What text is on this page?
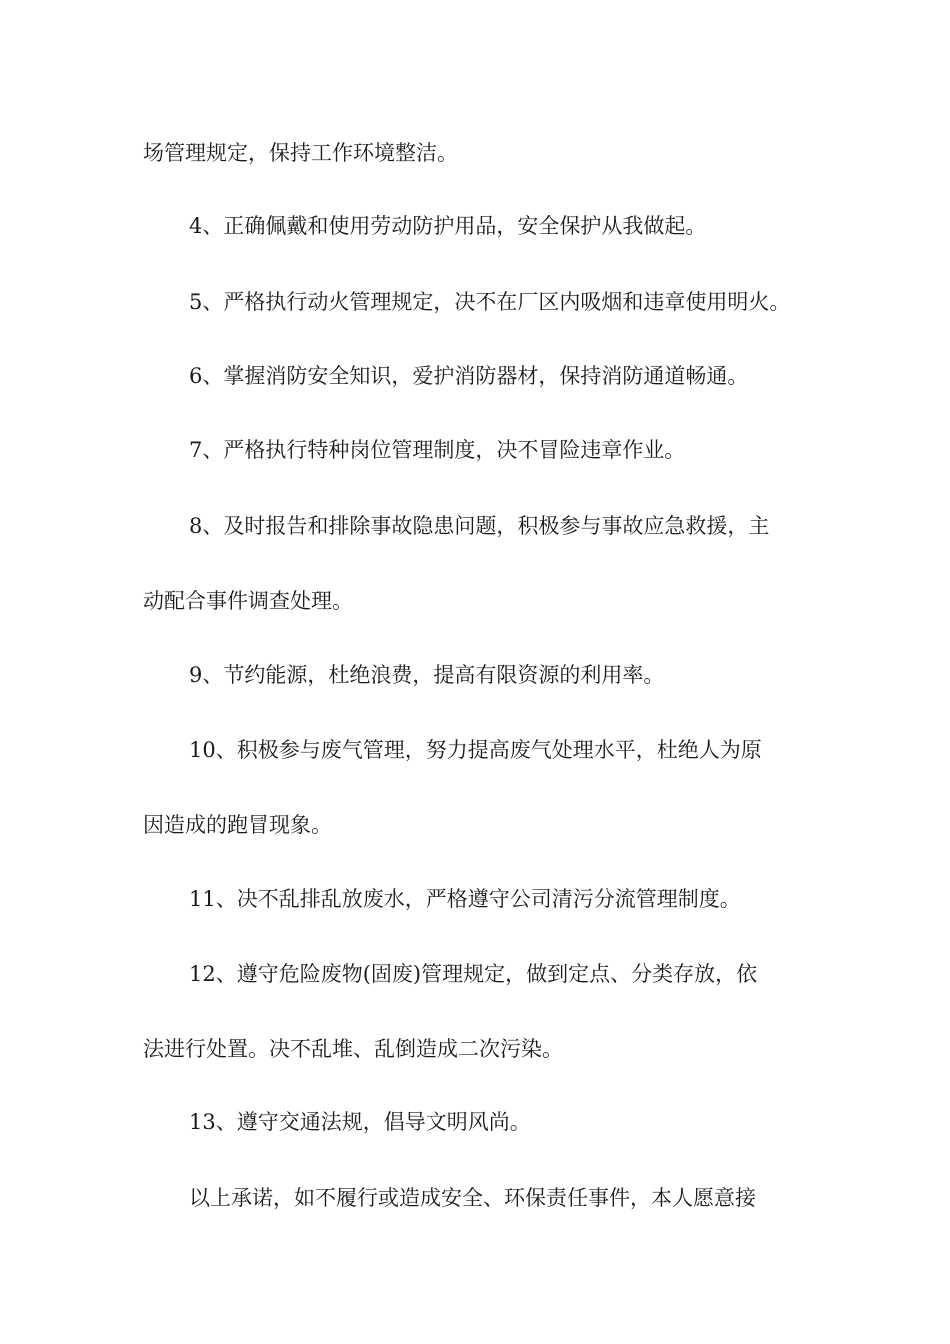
场管理规定，保持工作环境整洁。
4、正确佩戴和使用劳动防护用品，安全保护从我做起。
5、严格执行动火管理规定，决不在厂区内吸烟和违章使用明火。
6、掌握消防安全知识，爱护消防器材，保持消防通道畅通。
7、严格执行特种岗位管理制度，决不冒险违章作业。
8、及时报告和排除事故隐患问题，积极参与事故应急救援，主
动配合事件调查处理。
9、节约能源，杜绝浪费，提高有限资源的利用率。
10、积极参与废气管理，努力提高废气处理水平，杜绝人为原
因造成的跑冒现象。
11、决不乱排乱放废水，严格遵守公司清污分流管理制度。
12、遵守危险废物(固废)管理规定，做到定点、分类存放，依
法进行处置。决不乱堆、乱倒造成二次污染。
13、遵守交通法规，倡导文明风尚。
以上承诺，如不履行或造成安全、环保责任事件，本人愿意接
